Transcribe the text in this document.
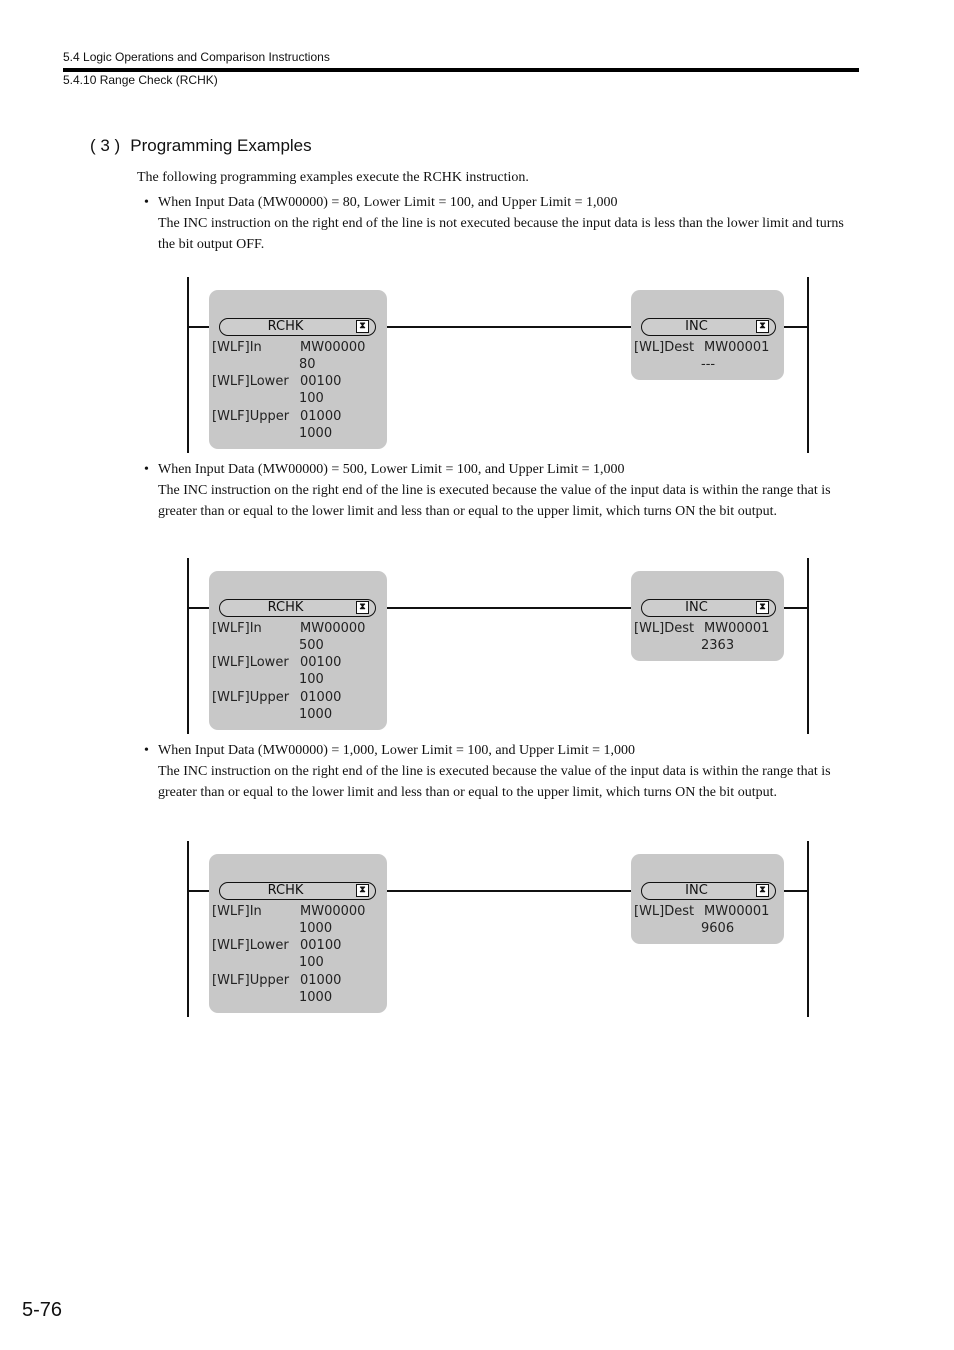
5.4 Logic Operations and Comparison Instructions
5.4.10 Range Check (RCHK)
( 3 ) Programming Examples
The following programming examples execute the RCHK instruction.
• When Input Data (MW00000) = 80, Lower Limit = 100, and Upper Limit = 1,000
The INC instruction on the right end of the line is not executed because the input data is less than the lower limit and turns the bit output OFF.
RCHK	⧗
[WLF]In	MW00000
80
[WLF]Lower 00100
100
[WLF]Upper 01000
1000
INC	⧗
[WL]Dest MW00001
---
• When Input Data (MW00000) = 500, Lower Limit = 100, and Upper Limit = 1,000
The INC instruction on the right end of the line is executed because the value of the input data is within the range that is greater than or equal to the lower limit and less than or equal to the upper limit, which turns ON the bit output.
RCHK	⧗
[WLF]In	MW00000
500
[WLF]Lower 00100
100
[WLF]Upper 01000
1000
INC	⧗
[WL]Dest MW00001
2363
• When Input Data (MW00000) = 1,000, Lower Limit = 100, and Upper Limit = 1,000
The INC instruction on the right end of the line is executed because the value of the input data is within the range that is greater than or equal to the lower limit and less than or equal to the upper limit, which turns ON the bit output.
RCHK	⧗
[WLF]In	MW00000
1000
[WLF]Lower 00100
100
[WLF]Upper 01000
1000
INC	⧗
[WL]Dest MW00001
9606
5-76
